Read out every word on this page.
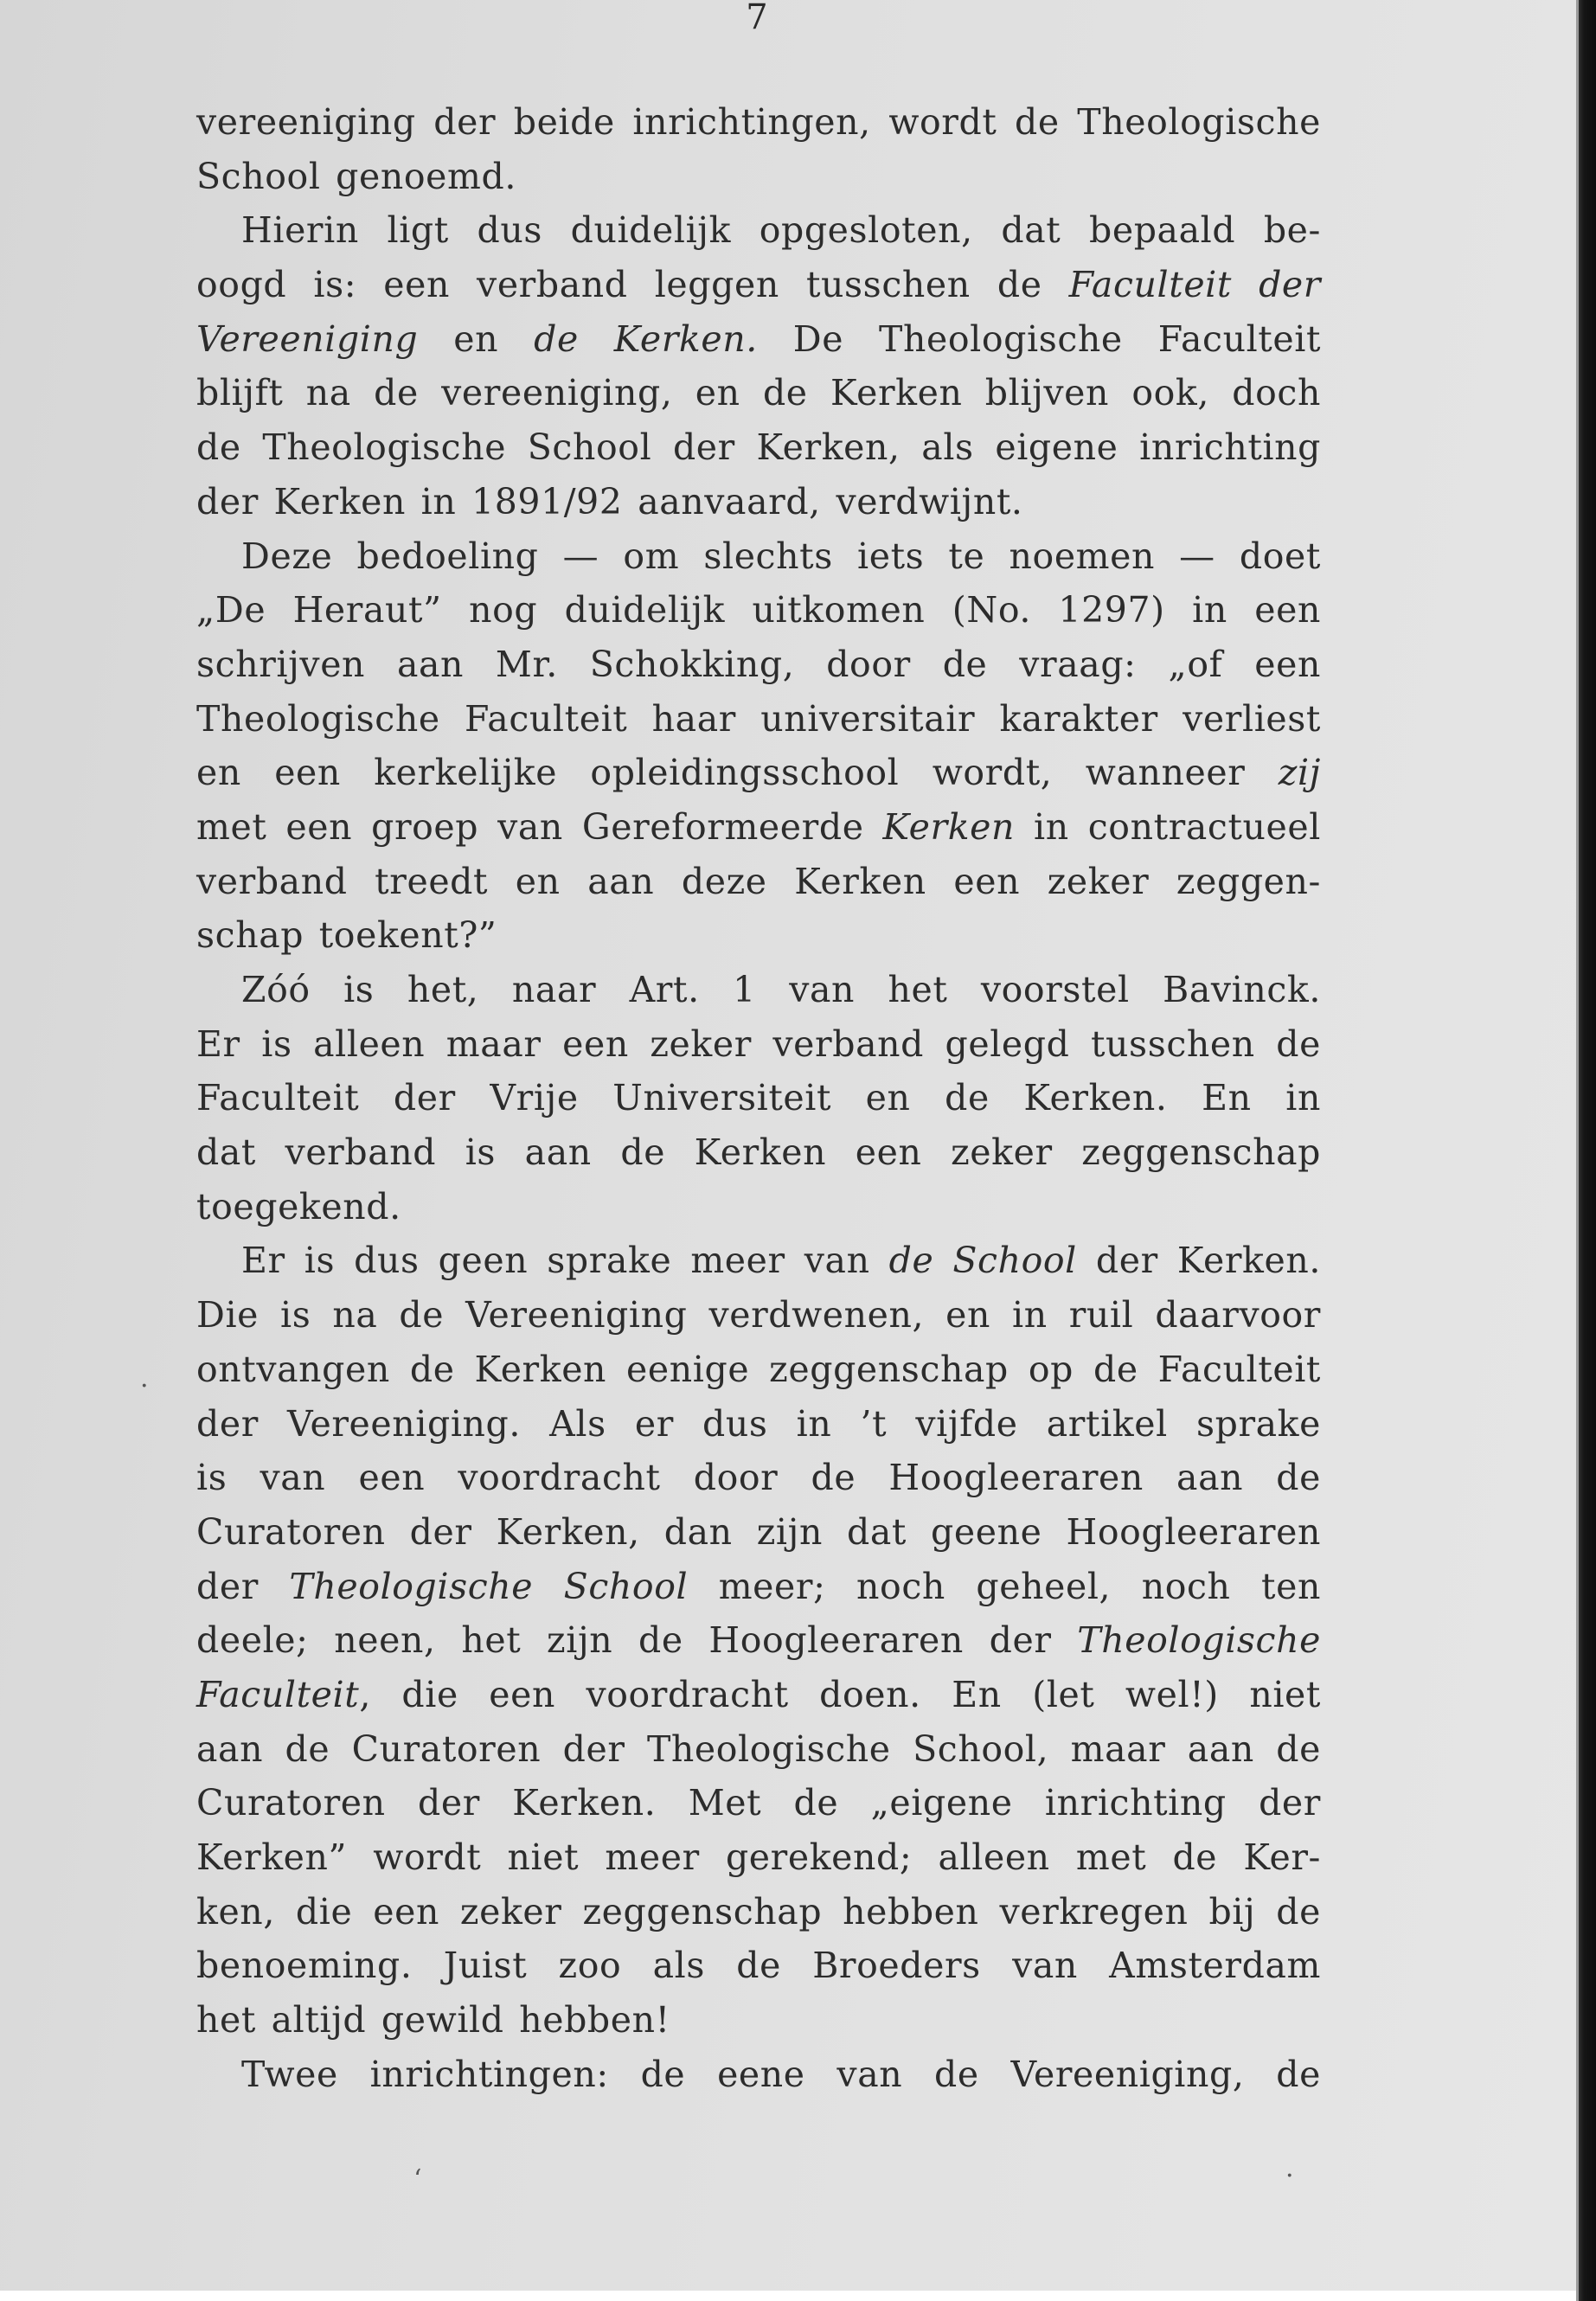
7
vereeniging der beide inrichtingen, wordt de Theologische
School genoemd.
Hierin ligt dus duidelijk opgesloten, dat bepaald be-
oogd is: een verband leggen tusschen de Faculteit der
Vereeniging en de Kerken. De Theologische Faculteit
blijft na de vereeniging, en de Kerken blijven ook, doch
de Theologische School der Kerken, als eigene inrichting
der Kerken in 1891/92 aanvaard, verdwijnt.
Deze bedoeling — om slechts iets te noemen — doet
„De Heraut” nog duidelijk uitkomen (No. 1297) in een
schrijven aan Mr. Schokking, door de vraag: „of een
Theologische Faculteit haar universitair karakter verliest
en een kerkelijke opleidingsschool wordt, wanneer zij
met een groep van Gereformeerde Kerken in contractueel
verband treedt en aan deze Kerken een zeker zeggen-
schap toekent?”
Zóó is het, naar Art. 1 van het voorstel Bavinck.
Er is alleen maar een zeker verband gelegd tusschen de
Faculteit der Vrije Universiteit en de Kerken. En in
dat verband is aan de Kerken een zeker zeggenschap
toegekend.
Er is dus geen sprake meer van de School der Kerken.
Die is na de Vereeniging verdwenen, en in ruil daarvoor
ontvangen de Kerken eenige zeggenschap op de Faculteit
der Vereeniging. Als er dus in ’t vijfde artikel sprake
is van een voordracht door de Hoogleeraren aan de
Curatoren der Kerken, dan zijn dat geene Hoogleeraren
der Theologische School meer; noch geheel, noch ten
deele; neen, het zijn de Hoogleeraren der Theologische
Faculteit, die een voordracht doen. En (let wel!) niet
aan de Curatoren der Theologische School, maar aan de
Curatoren der Kerken. Met de „eigene inrichting der
Kerken” wordt niet meer gerekend; alleen met de Ker-
ken, die een zeker zeggenschap hebben verkregen bij de
benoeming. Juist zoo als de Broeders van Amsterdam
het altijd gewild hebben!
Twee inrichtingen: de eene van de Vereeniging, de
·
ʻ	·
